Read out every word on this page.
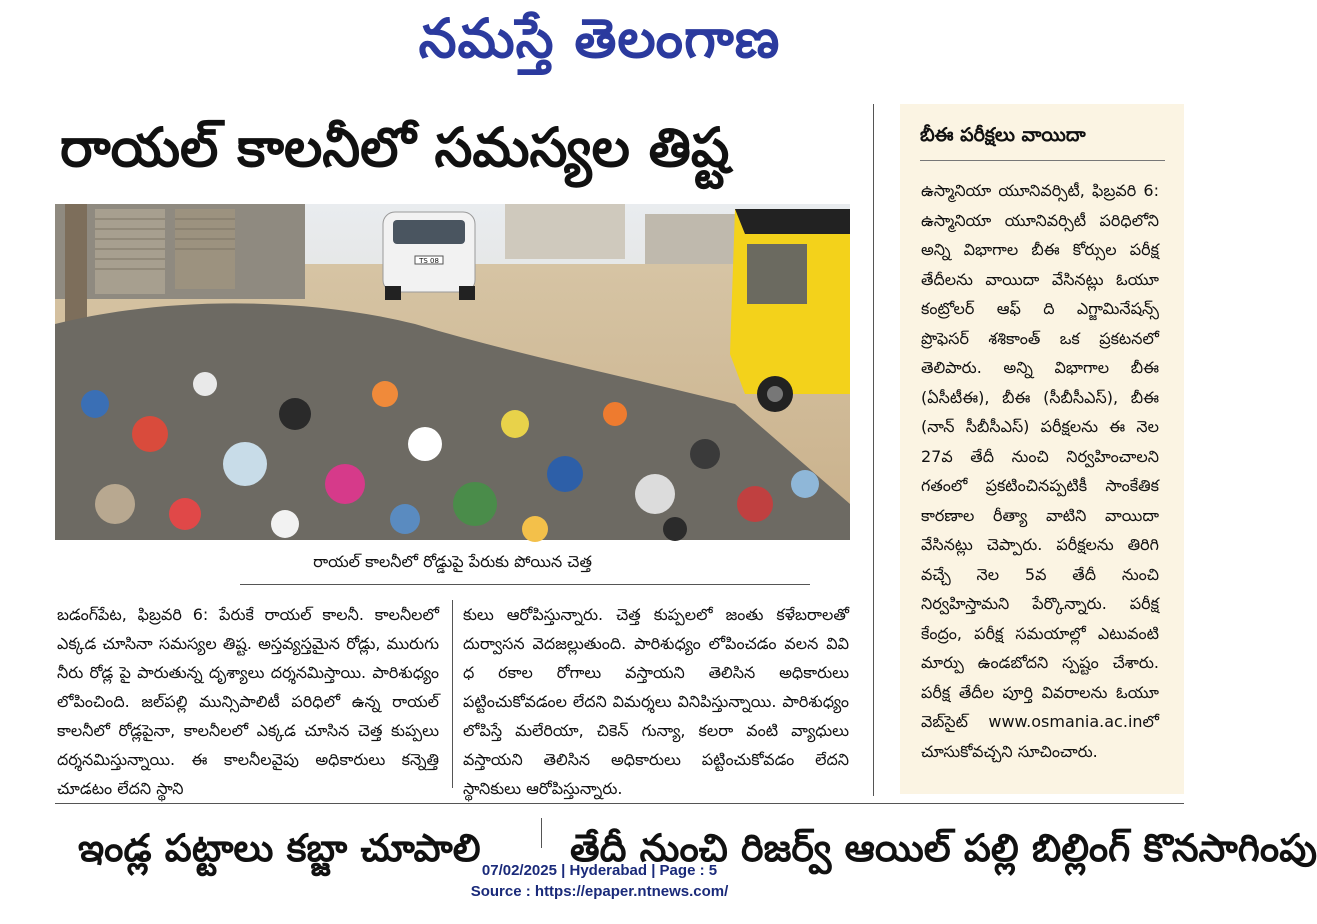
నమస్తే తెలంగాణ
రాయల్ కాలనీలో సమస్యల తిష్ట
TS 08
రాయల్ కాలనీలో రోడ్డుపై పేరుకు పోయిన చెత్త

బడంగ్‌పేట, ఫిబ్రవరి 6: పేరుకే రాయల్ కాలనీ. కాలనీలలో ఎక్కడ చూసినా సమస్యల తిష్ట. అస్తవ్యస్తమైన రోడ్లు, మురుగు నీరు రోడ్ల పై పారుతున్న దృశ్యాలు దర్శనమిస్తాయి. పారిశుధ్యం లోపించింది. జల్‌పల్లి మున్సిపాలిటీ పరిధిలో ఉన్న రాయల్ కాలనీలో రోడ్లపైనా, కాలనీలలో ఎక్కడ చూసిన చెత్త కుప్పలు దర్శనమిస్తున్నాయి. ఈ కాలనీలవైపు అధికారులు కన్నెత్తి చూడటం లేదని స్థాని

కులు ఆరోపిస్తున్నారు. చెత్త కుప్పలలో జంతు కళేబరాలతో దుర్వాసన వెదజల్లుతుంది. పారిశుధ్యం లోపించడం వలన వివి ధ రకాల రోగాలు వస్తాయని తెలిసిన అధికారులు పట్టించుకోవడంల లేదని విమర్శలు వినిపిస్తున్నాయి. పారిశుధ్యం లోపిస్తే మలేరియా, చికెన్ గున్యా, కలరా వంటి వ్యాధులు వస్తాయని తెలిసిన అధికారులు పట్టించుకోవడం లేదని స్థానికులు ఆరోపిస్తున్నారు.

బీఈ పరీక్షలు వాయిదా
ఉస్మానియా యూనివర్సిటీ, ఫిబ్రవరి 6: ఉస్మానియా యూనివర్సిటీ పరిధిలోని అన్ని విభాగాల బీఈ కోర్సుల పరీక్ష తేదీలను వాయిదా వేసినట్లు ఓయూ కంట్రోలర్ ఆఫ్ ది ఎగ్జామినేషన్స్ ప్రొఫెసర్ శశికాంత్ ఒక ప్రకటనలో తెలిపారు. అన్ని విభాగాల బీఈ (ఏసీటీఈ), బీఈ (సీబీసీఎస్), బీఈ (నాన్ సీబీసీఎస్) పరీక్షలను ఈ నెల 27వ తేదీ నుంచి నిర్వహించాలని గతంలో ప్రకటించినప్పటికీ సాంకేతిక కారణాల రీత్యా వాటిని వాయిదా వేసినట్లు చెప్పారు. పరీక్షలను తిరిగి వచ్చే నెల 5వ తేదీ నుంచి నిర్వహిస్తామని పేర్కొన్నారు. పరీక్ష కేంద్రం, పరీక్ష సమయాల్లో ఎటువంటి మార్పు ఉండబోదని స్పష్టం చేశారు. పరీక్ష తేదీల పూర్తి వివరాలను ఓయూ వెబ్‌సైట్ www.osmania.ac.inలో చూసుకోవచ్చని సూచించారు.
ఇండ్ల పట్టాలు కబ్జా చూపాలి	తేదీ నుంచి రిజర్వ్ ఆయిల్ పల్లి బిల్లింగ్ కొనసాగింపు
07/02/2025 | Hyderabad | Page : 5
Source : https://epaper.ntnews.com/
